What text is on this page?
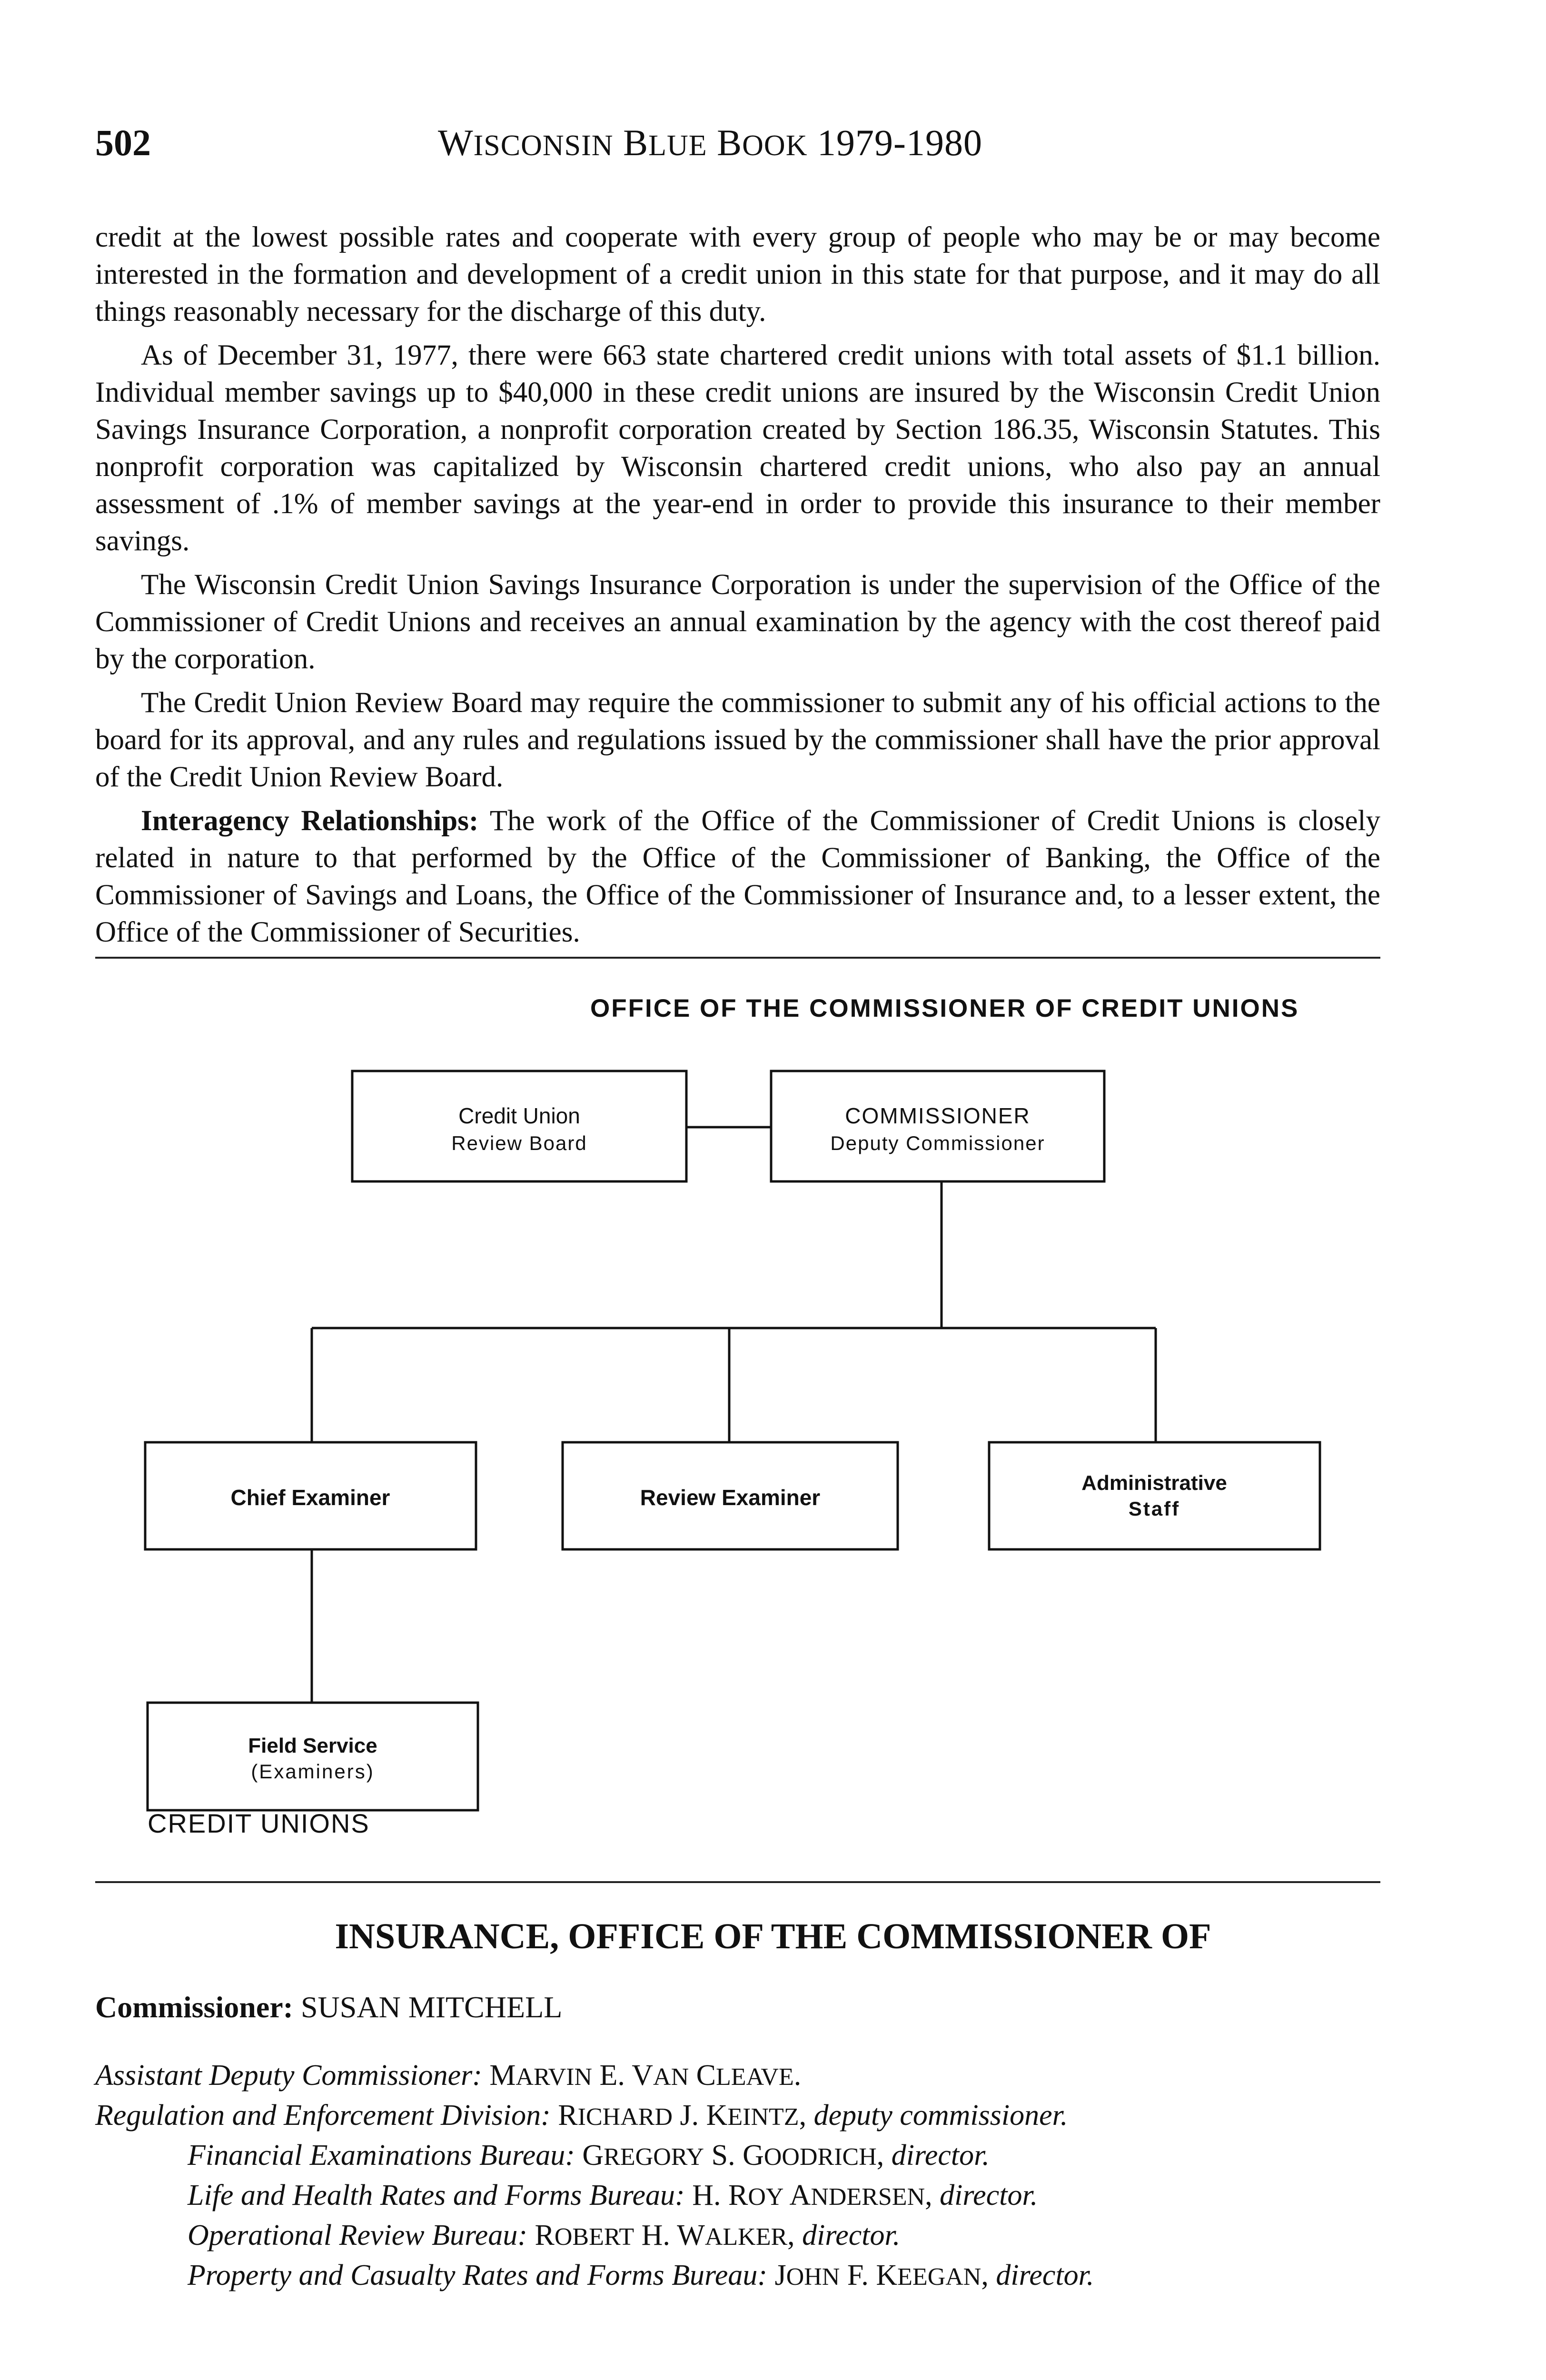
502	WISCONSIN BLUE BOOK 1979-1980

credit at the lowest possible rates and cooperate with every group of people who may be or may become interested in the formation and development of a credit union in this state for that purpose, and it may do all things reasonably necessary for the discharge of this duty.

As of December 31, 1977, there were 663 state chartered credit unions with total assets of $1.1 billion. Individual member savings up to $40,000 in these credit unions are insured by the Wisconsin Credit Union Savings Insurance Corporation, a nonprofit corporation created by Section 186.35, Wisconsin Statutes. This nonprofit corporation was capitalized by Wisconsin chartered credit unions, who also pay an annual assessment of .1% of member savings at the year-end in order to provide this insurance to their member savings.

The Wisconsin Credit Union Savings Insurance Corporation is under the supervision of the Office of the Commissioner of Credit Unions and receives an annual examination by the agency with the cost thereof paid by the corporation.

The Credit Union Review Board may require the commissioner to submit any of his official actions to the board for its approval, and any rules and regulations issued by the commissioner shall have the prior approval of the Credit Union Review Board.

Interagency Relationships: The work of the Office of the Commissioner of Credit Unions is closely related in nature to that performed by the Office of the Commissioner of Banking, the Office of the Commissioner of Savings and Loans, the Office of the Commissioner of Insurance and, to a lesser extent, the Office of the Commissioner of Securities.

OFFICE OF THE COMMISSIONER OF CREDIT UNIONS
Credit Union
Review Board
COMMISSIONER
Deputy Commissioner
Chief Examiner	Review Examiner
Administrative
Staff
Field Service
(Examiners)
CREDIT UNIONS
INSURANCE, OFFICE OF THE COMMISSIONER OF
Commissioner: SUSAN MITCHELL
Assistant Deputy Commissioner: MARVIN E. VAN CLEAVE.
Regulation and Enforcement Division: RICHARD J. KEINTZ, deputy commissioner.
Financial Examinations Bureau: GREGORY S. GOODRICH, director.
Life and Health Rates and Forms Bureau: H. ROY ANDERSEN, director.
Operational Review Bureau: ROBERT H. WALKER, director.
Property and Casualty Rates and Forms Bureau: JOHN F. KEEGAN, director.
